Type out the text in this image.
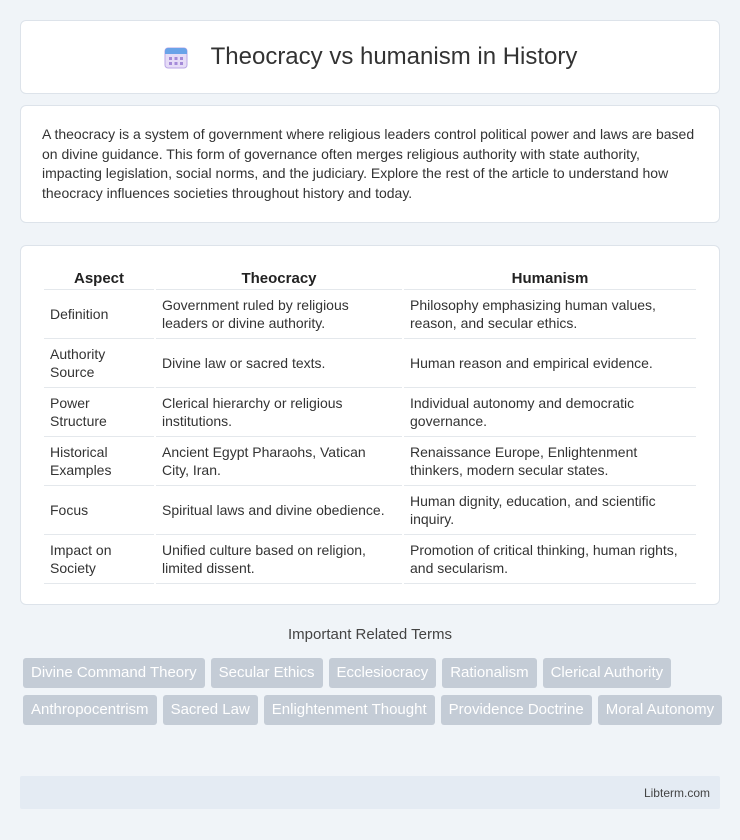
Theocracy vs humanism in History

A theocracy is a system of government where religious leaders control political power and laws are based on divine guidance. This form of governance often merges religious authority with state authority, impacting legislation, social norms, and the judiciary. Explore the rest of the article to understand how theocracy influences societies throughout history and today.

Aspect	Theocracy	Humanism
Definition	Government ruled by religious leaders or divine authority.	Philosophy emphasizing human values, reason, and secular ethics.
Authority Source	Divine law or sacred texts.	Human reason and empirical evidence.
Power Structure	Clerical hierarchy or religious institutions.	Individual autonomy and democratic governance.
Historical Examples	Ancient Egypt Pharaohs, Vatican City, Iran.	Renaissance Europe, Enlightenment thinkers, modern secular states.
Focus	Spiritual laws and divine obedience.	Human dignity, education, and scientific inquiry.
Impact on Society	Unified culture based on religion, limited dissent.	Promotion of critical thinking, human rights, and secularism.
Important Related Terms
Divine Command Theory	Secular Ethics	Ecclesiocracy	Rationalism	Clerical Authority
Anthropocentrism	Sacred Law	Enlightenment Thought	Providence Doctrine	Moral Autonomy
Libterm.com
